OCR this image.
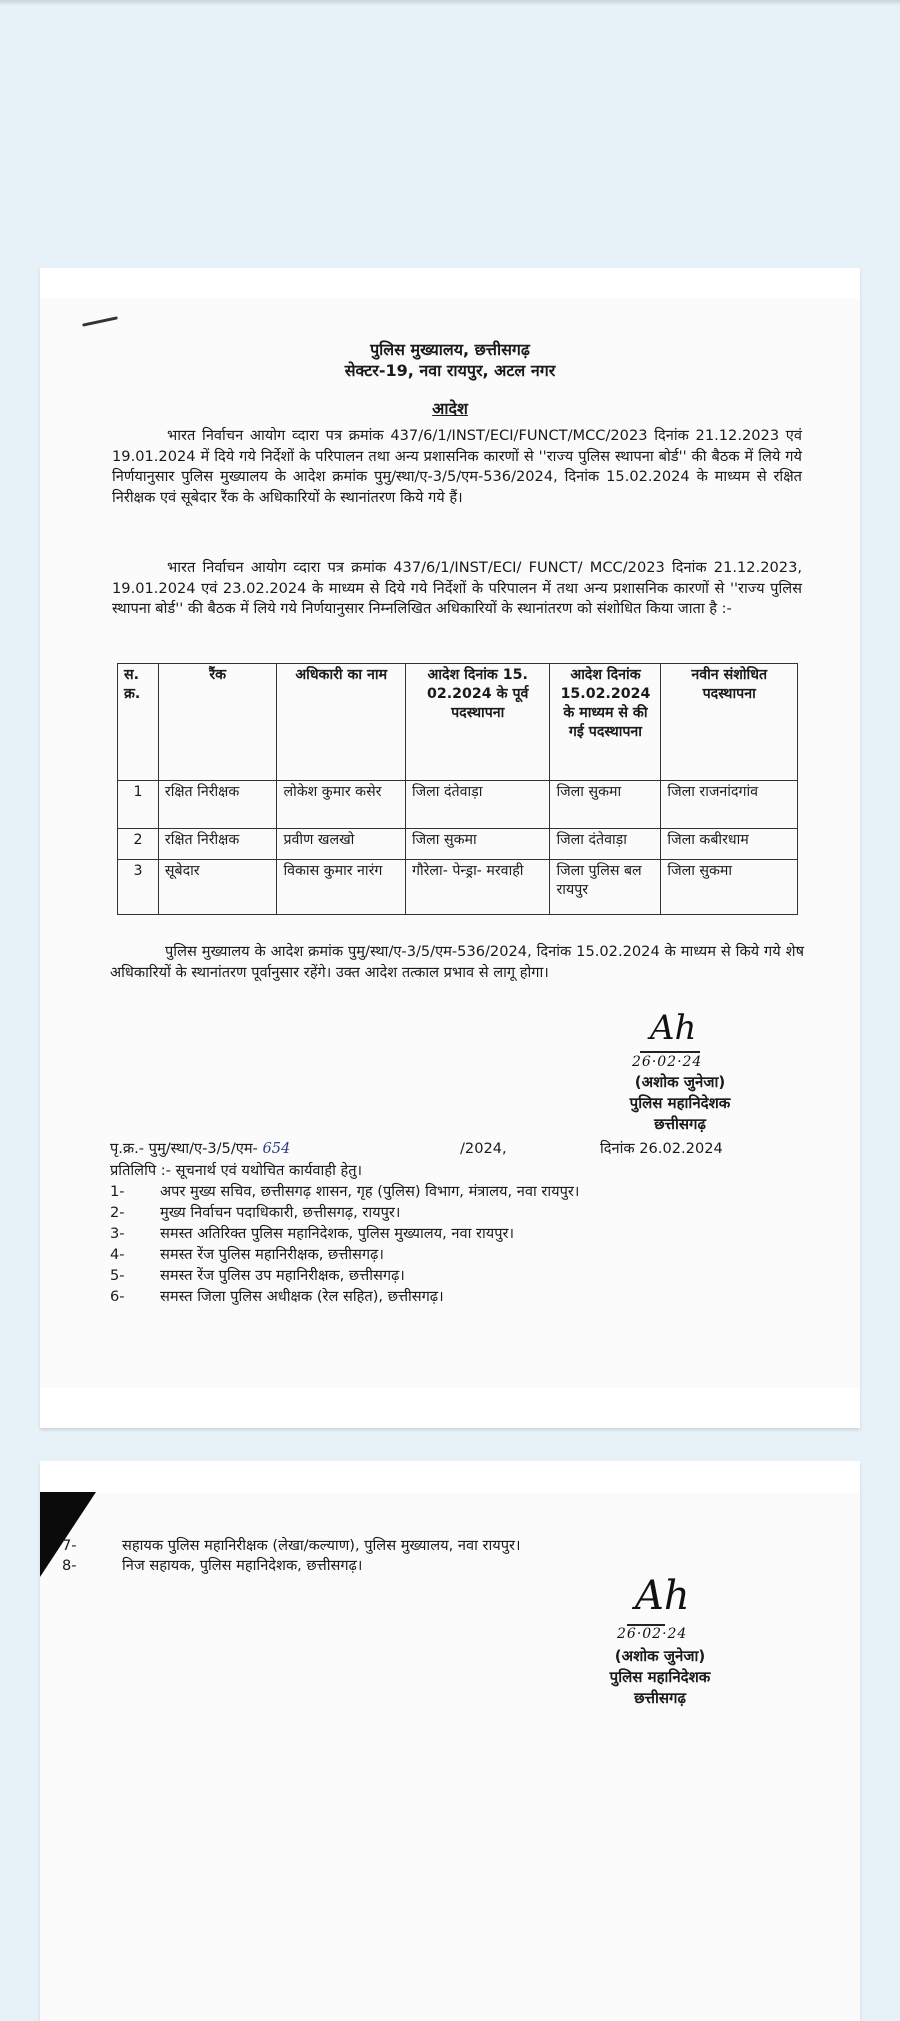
पुलिस मुख्यालय, छत्तीसगढ़
सेक्टर-19, नवा रायपुर, अटल नगर
आदेश
भारत निर्वाचन आयोग व्दारा पत्र क्रमांक 437/6/1/INST/ECI/FUNCT/MCC/2023 दिनांक 21.12.2023 एवं 19.01.2024 में दिये गये निर्देशों के परिपालन तथा अन्य प्रशासनिक कारणों से ''राज्य पुलिस स्थापना बोर्ड'' की बैठक में लिये गये निर्णयानुसार पुलिस मुख्यालय के आदेश क्रमांक पुमु/स्था/ए-3/5/एम-536/2024, दिनांक 15.02.2024 के माध्यम से रक्षित निरीक्षक एवं सूबेदार रैंक के अधिकारियों के स्थानांतरण किये गये हैं।
भारत निर्वाचन आयोग व्दारा पत्र क्रमांक 437/6/1/INST/ECI/ FUNCT/ MCC/2023 दिनांक 21.12.2023, 19.01.2024 एवं 23.02.2024 के माध्यम से दिये गये निर्देशों के परिपालन में तथा अन्य प्रशासनिक कारणों से ''राज्य पुलिस स्थापना बोर्ड'' की बैठक में लिये गये निर्णयानुसार निम्नलिखित अधिकारियों के स्थानांतरण को संशोधित किया जाता है :-
स. क्र.	रैंक	अधिकारी का नाम	आदेश दिनांक 15. 02.2024 के पूर्व पदस्थापना	आदेश दिनांक 15.02.2024 के माध्यम से की गई पदस्थापना	नवीन संशोधित पदस्थापना
1	रक्षित निरीक्षक	लोकेश कुमार कसेर	जिला दंतेवाड़ा	जिला सुकमा	जिला राजनांदगांव
2	रक्षित निरीक्षक	प्रवीण खलखो	जिला सुकमा	जिला दंतेवाड़ा	जिला कबीरधाम
3	सूबेदार	विकास कुमार नारंग	गौरेला- पेन्ड्रा- मरवाही	जिला पुलिस बल रायपुर	जिला सुकमा
पुलिस मुख्यालय के आदेश क्रमांक पुमु/स्था/ए-3/5/एम-536/2024, दिनांक 15.02.2024 के माध्यम से किये गये शेष अधिकारियों के स्थानांतरण पूर्वानुसार रहेंगे। उक्त आदेश तत्काल प्रभाव से लागू होगा।
Ah
26·02·24
(अशोक जुनेजा)
पुलिस महानिदेशक
छत्तीसगढ़
पृ.क्र.- पुमु/स्था/ए-3/5/एम- 654	/2024,	दिनांक 26.02.2024
प्रतिलिपि :- सूचनार्थ एवं यथोचित कार्यवाही हेतु।
1- अपर मुख्य सचिव, छत्तीसगढ़ शासन, गृह (पुलिस) विभाग, मंत्रालय, नवा रायपुर।
2- मुख्य निर्वाचन पदाधिकारी, छत्तीसगढ़, रायपुर।
3- समस्त अतिरिक्त पुलिस महानिदेशक, पुलिस मुख्यालय, नवा रायपुर।
4- समस्त रेंज पुलिस महानिरीक्षक, छत्तीसगढ़।
5- समस्त रेंज पुलिस उप महानिरीक्षक, छत्तीसगढ़।
6- समस्त जिला पुलिस अधीक्षक (रेल सहित), छत्तीसगढ़।
7-	सहायक पुलिस महानिरीक्षक (लेखा/कल्याण), पुलिस मुख्यालय, नवा रायपुर।
8-	निज सहायक, पुलिस महानिदेशक, छत्तीसगढ़।
Ah
26·02·24
(अशोक जुनेजा)
पुलिस महानिदेशक
छत्तीसगढ़
